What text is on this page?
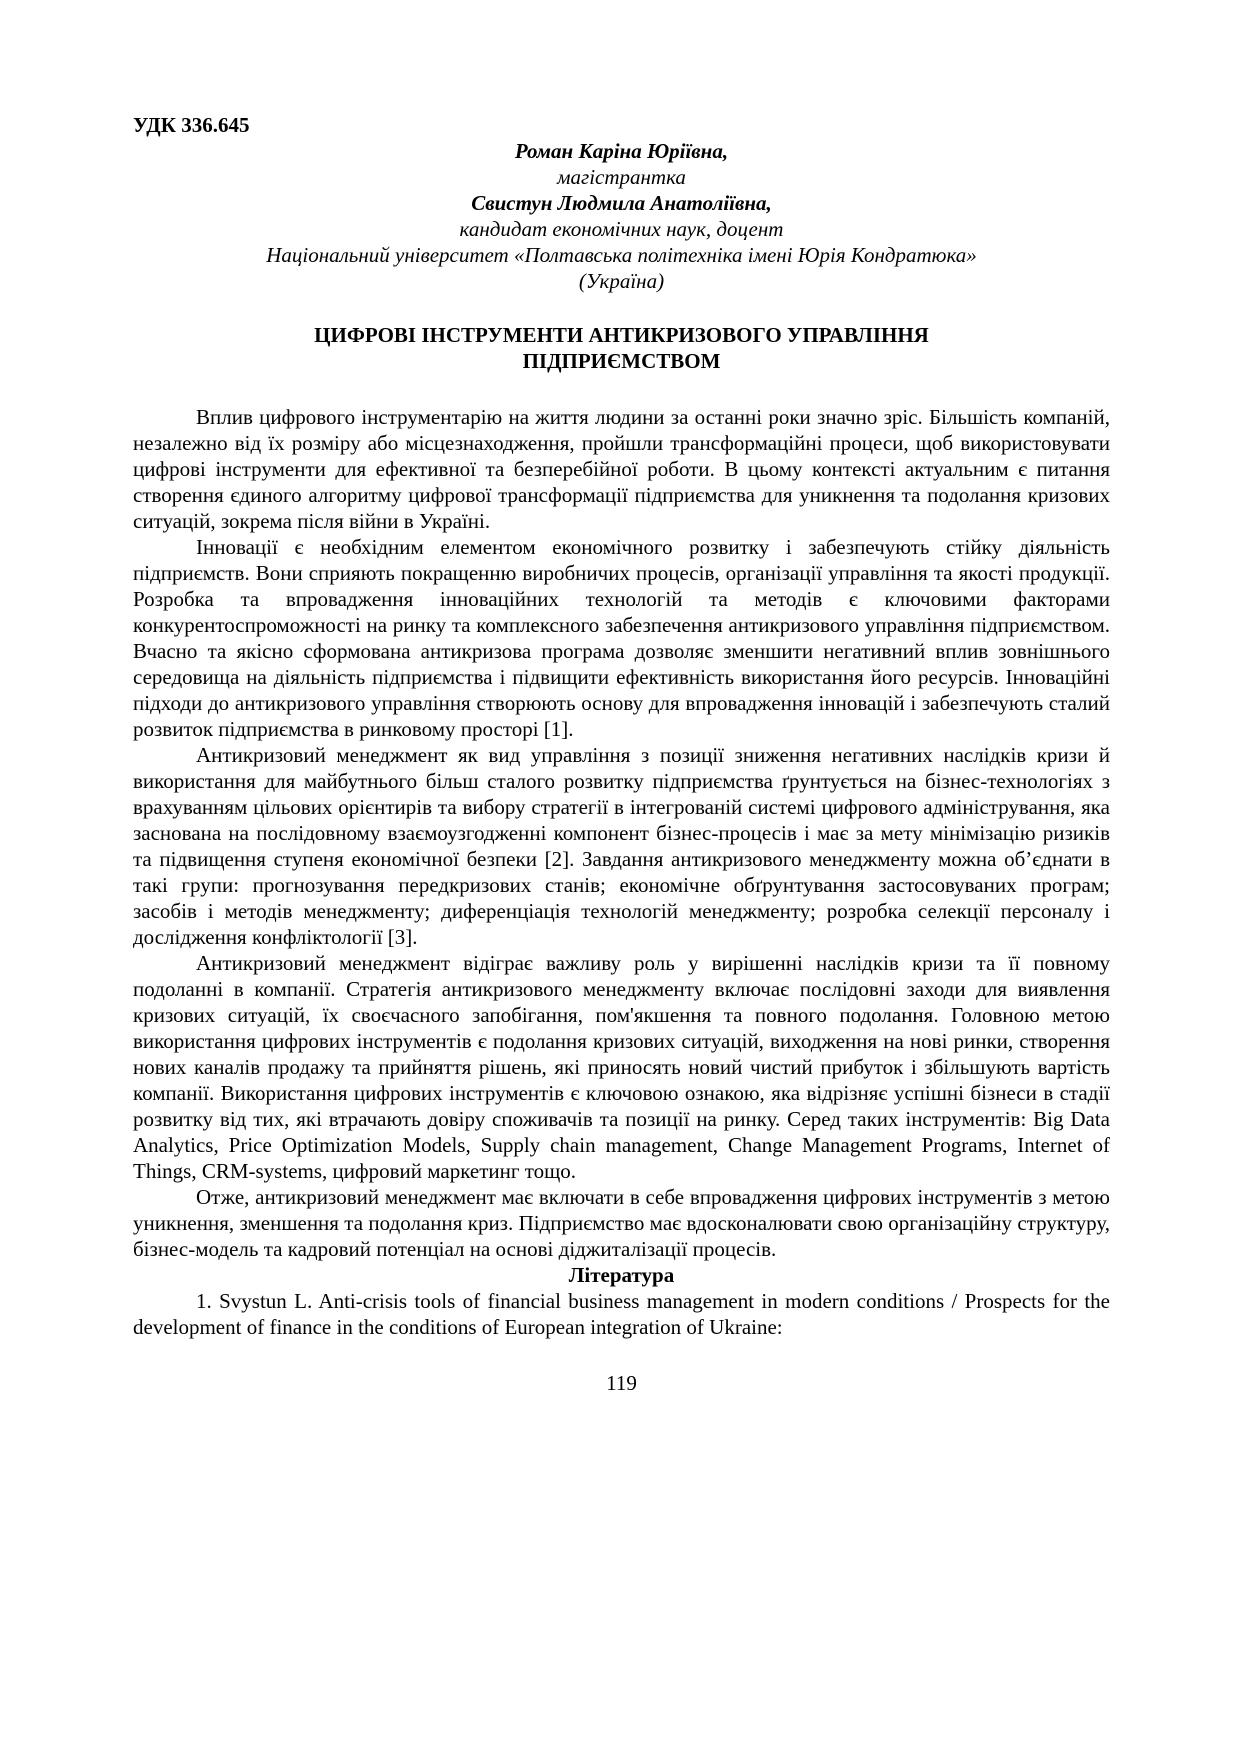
УДК 336.645
Роман Каріна Юріївна,
магістрантка
Свистун Людмила Анатоліївна,
кандидат економічних наук, доцент
Національний університет «Полтавська політехніка імені Юрія Кондратюка»
(Україна)
ЦИФРОВІ ІНСТРУМЕНТИ АНТИКРИЗОВОГО УПРАВЛІННЯ
ПІДПРИЄМСТВОМ

Вплив цифрового інструментарію на життя людини за останні роки значно зріс. Більшість компаній, незалежно від їх розміру або місцезнаходження, пройшли трансформаційні процеси, щоб використовувати цифрові інструменти для ефективної та безперебійної роботи. В цьому контексті актуальним є питання створення єдиного алгоритму цифрової трансформації підприємства для уникнення та подолання кризових ситуацій, зокрема після війни в Україні.

Інновації є необхідним елементом економічного розвитку і забезпечують стійку діяльність підприємств. Вони сприяють покращенню виробничих процесів, організації управління та якості продукції. Розробка та впровадження інноваційних технологій та методів є ключовими факторами конкурентоспроможності на ринку та комплексного забезпечення антикризового управління підприємством. Вчасно та якісно сформована антикризова програма дозволяє зменшити негативний вплив зовнішнього середовища на діяльність підприємства і підвищити ефективність використання його ресурсів. Інноваційні підходи до антикризового управління створюють основу для впровадження інновацій і забезпечують сталий розвиток підприємства в ринковому просторі [1].

Антикризовий менеджмент як вид управління з позиції зниження негативних наслідків кризи й використання для майбутнього більш сталого розвитку підприємства ґрунтується на бізнес-технологіях з врахуванням цільових орієнтирів та вибору стратегії в інтегрованій системі цифрового адміністрування, яка заснована на послідовному взаємоузгодженні компонент бізнес-процесів і має за мету мінімізацію ризиків та підвищення ступеня економічної безпеки [2]. Завдання антикризового менеджменту можна об’єднати в такі групи: прогнозування передкризових станів; економічне обґрунтування застосовуваних програм; засобів і методів менеджменту; диференціація технологій менеджменту; розробка селекції персоналу і дослідження конфліктології [3].

Антикризовий менеджмент відіграє важливу роль у вирішенні наслідків кризи та її повному подоланні в компанії. Стратегія антикризового менеджменту включає послідовні заходи для виявлення кризових ситуацій, їх своєчасного запобігання, пом'якшення та повного подолання. Головною метою використання цифрових інструментів є подолання кризових ситуацій, виходження на нові ринки, створення нових каналів продажу та прийняття рішень, які приносять новий чистий прибуток і збільшують вартість компанії. Використання цифрових інструментів є ключовою ознакою, яка відрізняє успішні бізнеси в стадії розвитку від тих, які втрачають довіру споживачів та позиції на ринку. Серед таких інструментів: Big Data Analytics, Price Optimization Models, Supply chain management, Change Management Programs, Internet of Things, CRM-systems, цифровий маркетинг тощо.

Отже, антикризовий менеджмент має включати в себе впровадження цифрових інструментів з метою уникнення, зменшення та подолання криз. Підприємство має вдосконалювати свою організаційну структуру, бізнес-модель та кадровий потенціал на основі діджиталізації процесів.

Література

1. Svystun L. Anti-crisis tools of financial business management in modern conditions / Prospects for the development of finance in the conditions of European integration of Ukraine:

119
